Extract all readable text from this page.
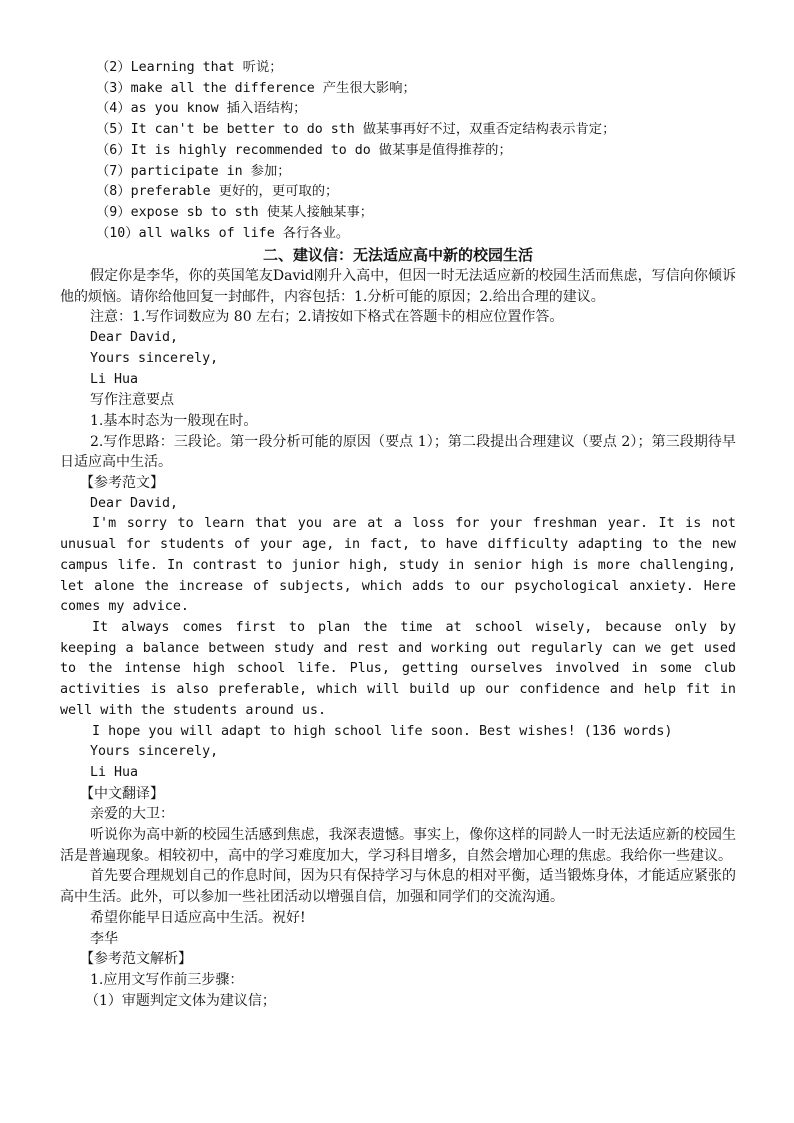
（2）Learning that 听说；
（3）make all the difference 产生很大影响；
（4）as you know 插入语结构；
（5）It can't be better to do sth 做某事再好不过，双重否定结构表示肯定；
（6）It is highly recommended to do 做某事是值得推荐的；
（7）participate in 参加；
（8）preferable 更好的，更可取的；
（9）expose sb to sth 使某人接触某事；
（10）all walks of life 各行各业。
二、建议信：无法适应高中新的校园生活
假定你是李华，你的英国笔友David刚升入高中，但因一时无法适应新的校园生活而焦虑，写信向你倾诉他的烦恼。请你给他回复一封邮件，内容包括：1.分析可能的原因；2.给出合理的建议。
注意：1.写作词数应为 80 左右；2.请按如下格式在答题卡的相应位置作答。
Dear David,
Yours sincerely,
Li Hua
写作注意要点
1.基本时态为一般现在时。
2.写作思路：三段论。第一段分析可能的原因（要点 1）；第二段提出合理建议（要点 2）；第三段期待早日适应高中生活。
【参考范文】
Dear David,
I'm sorry to learn that you are at a loss for your freshman year. It is not unusual for students of your age, in fact, to have difficulty adapting to the new campus life. In contrast to junior high, study in senior high is more challenging, let alone the increase of subjects, which adds to our psychological anxiety. Here comes my advice.
It always comes first to plan the time at school wisely, because only by keeping a balance between study and rest and working out regularly can we get used to the intense high school life. Plus, getting ourselves involved in some club activities is also preferable, which will build up our confidence and help fit in well with the students around us.
I hope you will adapt to high school life soon. Best wishes! (136 words)
Yours sincerely,
Li Hua
【中文翻译】
亲爱的大卫：
听说你为高中新的校园生活感到焦虑，我深表遗憾。事实上，像你这样的同龄人一时无法适应新的校园生活是普遍现象。相较初中，高中的学习难度加大，学习科目增多，自然会增加心理的焦虑。我给你一些建议。
首先要合理规划自己的作息时间，因为只有保持学习与休息的相对平衡，适当锻炼身体，才能适应紧张的高中生活。此外，可以参加一些社团活动以增强自信，加强和同学们的交流沟通。
希望你能早日适应高中生活。祝好!
李华
【参考范文解析】
1.应用文写作前三步骤：
（1）审题判定文体为建议信；
